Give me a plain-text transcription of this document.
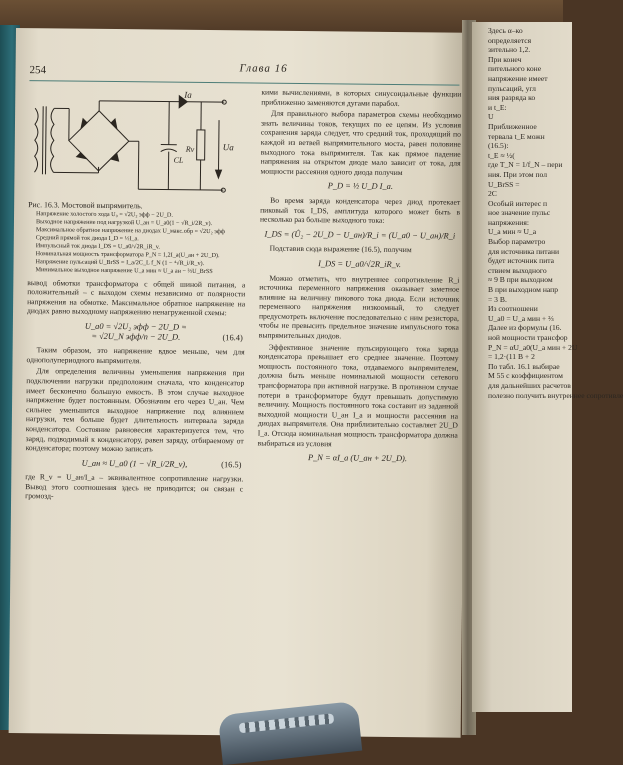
254	Глава 16
Ia
CL
Rv	Ua

Рис. 16.3. Мостовой выпрямитель.

Напряжение холостого хода U₀ = √2U₂ эфф − 2U_D.

Выходное напряжение под нагрузкой U_ан = U_а0(1 − √R_i/2R_v).

Максимальное обратное напряжение на диодах U_макс.обр = √2U₂ эфф

Средний прямой ток диода I_D = ½I_a.

Импульсный ток диода I_DS = U_a0/√2R_iR_v.

Номинальная мощность трансформатора P_N = 1,2I_a(U_ан + 2U_D).

Напряжение пульсаций U_BrSS = I_a/2C_L f_N (1 − ⁴√R_i/R_v).

Минимальное выходное напряжение U_a мин ≈ U_a ан − ⅔U_BrSS

вывод обмотки трансформатора с общей шиной питания, а положительный – с выходом схемы независимо от полярности напряжения на обмотке. Максимальное обратное напряжение на диодах равно выходному напряжению ненагруженной схемы:

U_а0 = √2U₂ эфф − 2U_D =
= √2U_N эфф/n − 2U_D.	(16.4)

Таким образом, это напряжение вдвое меньше, чем для однополупериодного выпрямителя.

Для определения величины уменьшения напряжения при подключении нагрузки предположим сначала, что конденсатор имеет бесконечно большую емкость. В этом случае выходное напряжение будет постоянным. Обозначим его через U_ан. Чем сильнее уменьшится выходное напряжение под влиянием нагрузки, тем больше будет длительность интервала заряда конденсатора. Состояние равновесия характеризуется тем, что заряд, подводимый к конденсатору, равен заряду, отбираемому от конденсатора; поэтому можно записать

U_ан ≈ U_а0 (1 − √R_i/2R_v),	(16.5)

где R_v = U_ан/I_a – эквивалентное сопротивление нагрузки. Вывод этого соотношения здесь не приводится; он связан с громозд-

кими вычислениями, в которых синусоидальные функции приближенно заменяются дугами парабол.

Для правильного выбора параметров схемы необходимо знать величины токов, текущих по ее цепям. Из условия сохранения заряда следует, что средний ток, проходящий по каждой из ветвей выпрямительного моста, равен половине выходного тока выпрямителя. Так как прямое падение напряжения на открытом диоде мало зависит от тока, для мощности рассеяния одного диода получим

P_D = ½ U_D I_a.

Во время заряда конденсатора через диод протекает пиковый ток I_DS, амплитуда которого может быть в несколько раз больше выходного тока:

I_DS = (Û₂ − 2U_D − U_ан)/R_i = (U_а0 − U_ан)/R_i

Подставив сюда выражение (16.5), получим

I_DS = U_а0/√2R_iR_v.

Можно отметить, что внутреннее сопротивление R_i источника переменного напряжения оказывает заметное влияние на величину пикового тока диода. Если источник переменного напряжения низкоомный, то следует предусмотреть включение последовательно с ним резистора, чтобы не превысить предельное значение импульсного тока выпрямительных диодов.

Эффективное значение пульсирующего тока заряда конденсатора превышает его среднее значение. Поэтому мощность постоянного тока, отдаваемого выпрямителем, должна быть меньше номинальной мощности сетевого трансформатора при активной нагрузке. В противном случае потери в трансформаторе будут превышать допустимую величину. Мощность постоянного тока составит из заданной выходной мощности U_ан I_a и мощности рассеяния на диодах выпрямителя. Она приблизительно составляет 2U_D I_a. Отсюда номинальная мощность трансформатора должна выбираться из условия

P_N = αI_a (U_ан + 2U_D).
Здесь α–ко
определяется
зительно 1,2.
При конеч
пительного коне
напряжение имеет
пульсаций, угл
ния разряда ко
и t_E:
U
Приближенное
тервала t_E можн
(16.5):
t_E ≈ ½(
где T_N = 1/f_N – пери
ния. При этом пол
U_BrSS =
2C
Особый интерес п
ное значение пульс
напряжения:
U_a мин ≈ U_a
Выбор параметро
для источника питани
будет источник пита
ствием выходного
≈ 9 В при выходном
В при выходном напр
= 3 В.
Из соотношени
U_а0 = U_а мин + ⅔
Далее из формулы (16.
ной мощности трансфор
P_N = αU_a0(U_а мин + 2U
= 1,2·(11 В + 2
По табл. 16.1 выбирае
М 55 с коэффициентом
для дальнейших расчетов
полезно получить внутреннее сопротивле
